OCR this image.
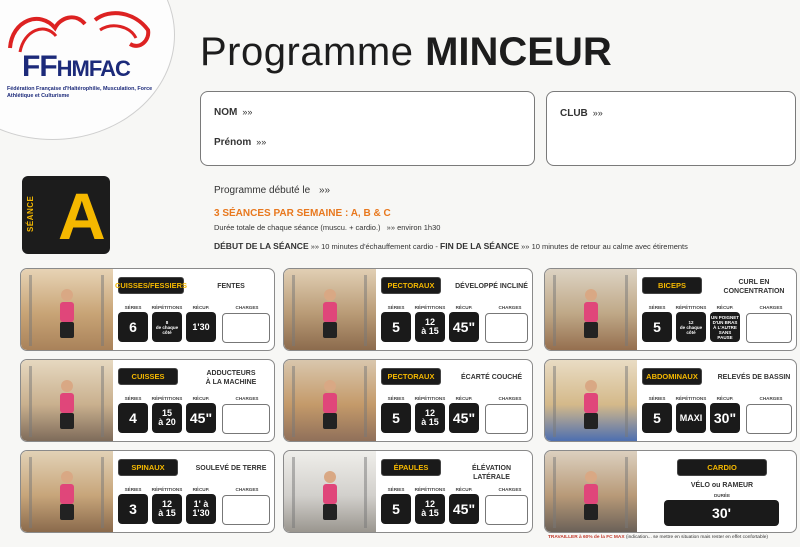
FFHMFAC
Fédération Française d'Haltérophilie, Musculation, Force Athlétique et Culturisme
Programme MINCEUR
NOM »»
Prénom »»
CLUB »»
SÉANCE A	Programme débuté le »»
3 SÉANCES PAR SEMAINE : A, B & C
Durée totale de chaque séance (muscu. + cardio.) »» environ 1h30
DÉBUT DE LA SÉANCE »» 10 minutes d'échauffement cardio - FIN DE LA SÉANCE »» 10 minutes de retour au calme avec étirements
CUISSES/FESSIERS	FENTES
SÉRIES
6
RÉPÉTITIONS
8
de chaque côté
RÉCUP.
1'30
CHARGES
PECTORAUX	DÉVELOPPÉ INCLINÉ
SÉRIES
5
RÉPÉTITIONS
12
à 15
RÉCUP.
45"
CHARGES
BICEPS	CURL EN
CONCENTRATION
SÉRIES
5
RÉPÉTITIONS
12
de chaque côté
RÉCUP.
UN POIGNET D'UN BRAS À L'AUTRE SANS PAUSE
CHARGES
CUISSES	ADDUCTEURS
À LA MACHINE
SÉRIES
4
RÉPÉTITIONS
15
à 20
RÉCUP.
45"
CHARGES
PECTORAUX	ÉCARTÉ COUCHÉ
SÉRIES
5
RÉPÉTITIONS
12
à 15
RÉCUP.
45"
CHARGES
ABDOMINAUX	RELEVÉS DE BASSIN
SÉRIES
5
RÉPÉTITIONS
MAXI
RÉCUP.
30"
CHARGES
SPINAUX	SOULEVÉ DE TERRE
SÉRIES
3
RÉPÉTITIONS
12
à 15
RÉCUP.
1' à 1'30
CHARGES
ÉPAULES	ÉLÉVATION LATÉRALE
SÉRIES
5
RÉPÉTITIONS
12
à 15
RÉCUP.
45"
CHARGES
CARDIO
VÉLO ou RAMEUR
DURÉE
30'
TRAVAILLER à 60% de la FC MAX (indication... se mettre en situation mais rester en effet confortable)
